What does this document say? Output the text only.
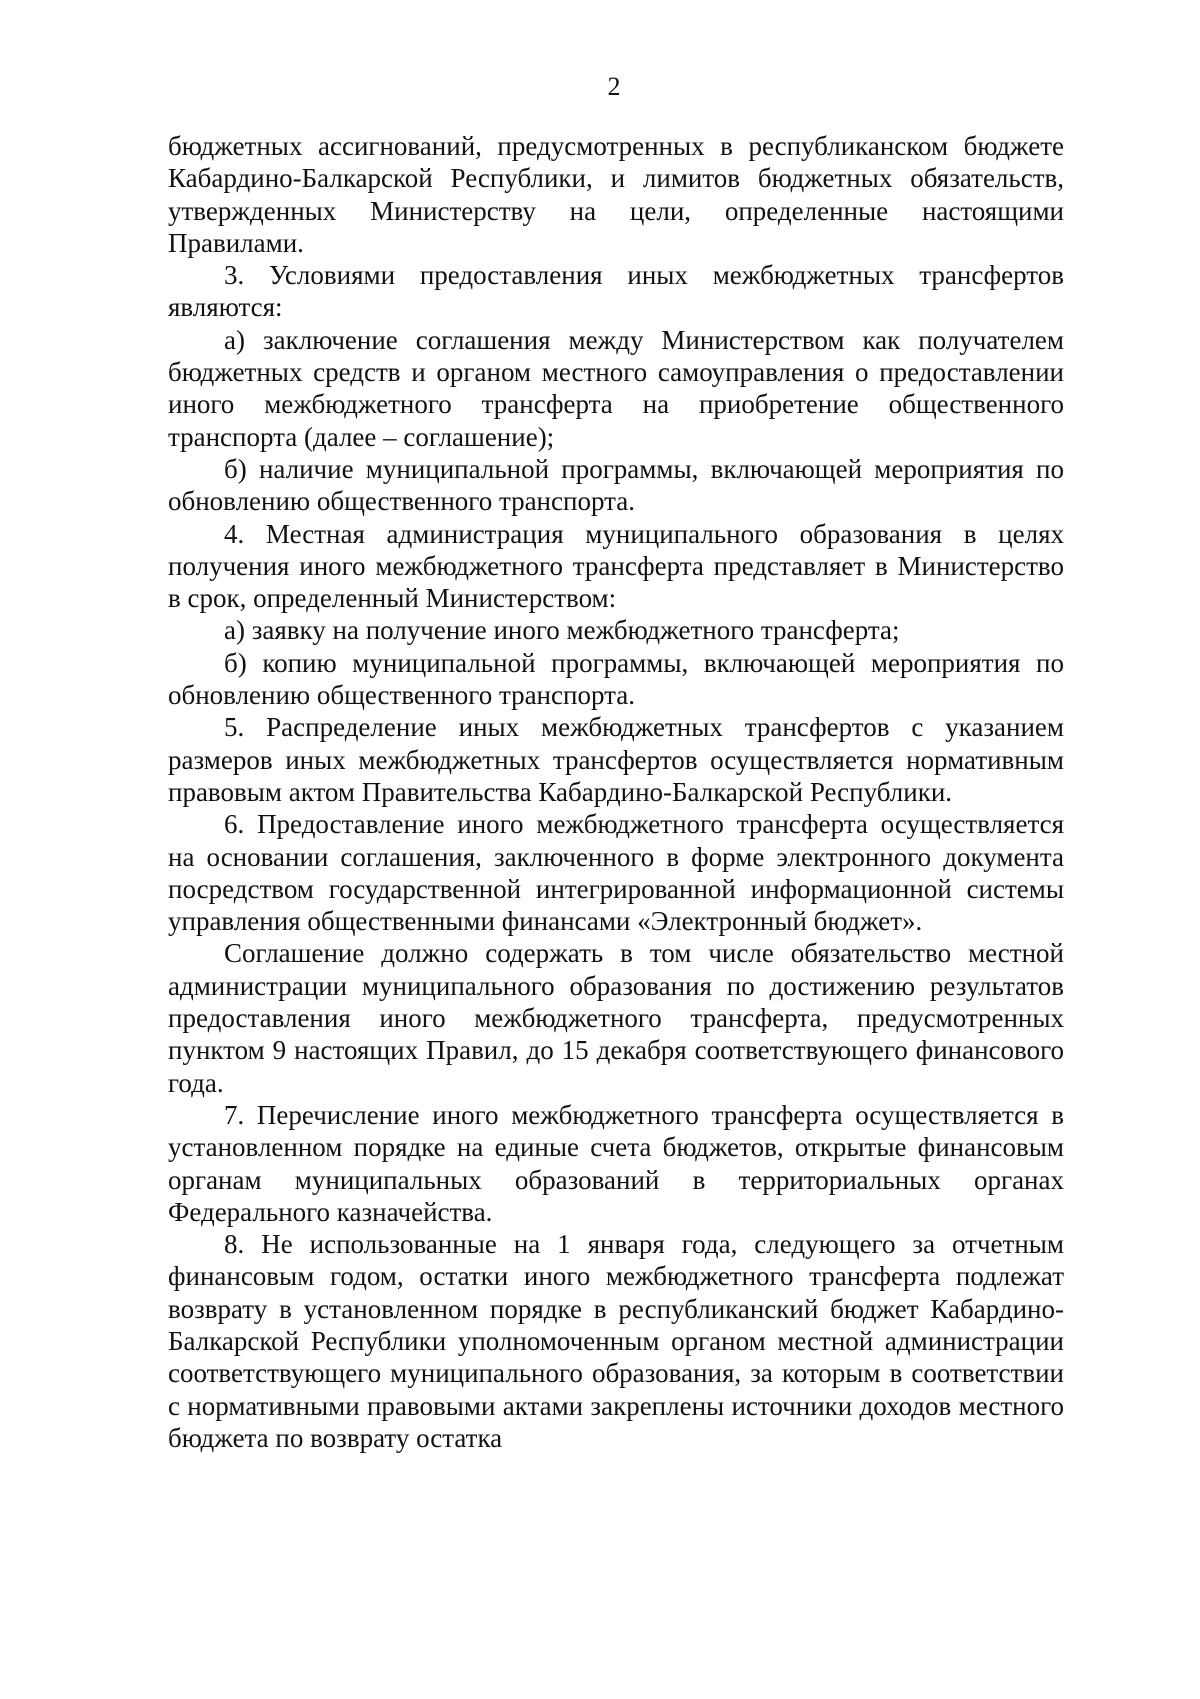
2

бюджетных ассигнований, предусмотренных в республиканском бюджете Кабардино-Балкарской Республики, и лимитов бюджетных обязательств, утвержденных Министерству на цели, определенные настоящими Правилами.

3. Условиями предоставления иных межбюджетных трансфертов являются:

а) заключение соглашения между Министерством как получателем бюджетных средств и органом местного самоуправления о предоставлении иного межбюджетного трансферта на приобретение общественного транспорта (далее – соглашение);

б) наличие муниципальной программы, включающей мероприятия по обновлению общественного транспорта.

4. Местная администрация муниципального образования в целях получения иного межбюджетного трансферта представляет в Министерство в срок, определенный Министерством:

а) заявку на получение иного межбюджетного трансферта;

б) копию муниципальной программы, включающей мероприятия по обновлению общественного транспорта.

5. Распределение иных межбюджетных трансфертов с указанием размеров иных межбюджетных трансфертов осуществляется нормативным правовым актом Правительства Кабардино-Балкарской Республики.

6. Предоставление иного межбюджетного трансферта осуществляется на основании соглашения, заключенного в форме электронного документа посредством государственной интегрированной информационной системы управления общественными финансами «Электронный бюджет».

Соглашение должно содержать в том числе обязательство местной администрации муниципального образования по достижению результатов предоставления иного межбюджетного трансферта, предусмотренных пунктом 9 настоящих Правил, до 15 декабря соответствующего финансового года.

7. Перечисление иного межбюджетного трансферта осуществляется в установленном порядке на единые счета бюджетов, открытые финансовым органам муниципальных образований в территориальных органах Федерального казначейства.

8. Не использованные на 1 января года, следующего за отчетным финансовым годом, остатки иного межбюджетного трансферта подлежат возврату в установленном порядке в республиканский бюджет Кабардино-Балкарской Республики уполномоченным органом местной администрации соответствующего муниципального образования, за которым в соответствии с нормативными правовыми актами закреплены источники доходов местного бюджета по возврату остатка
